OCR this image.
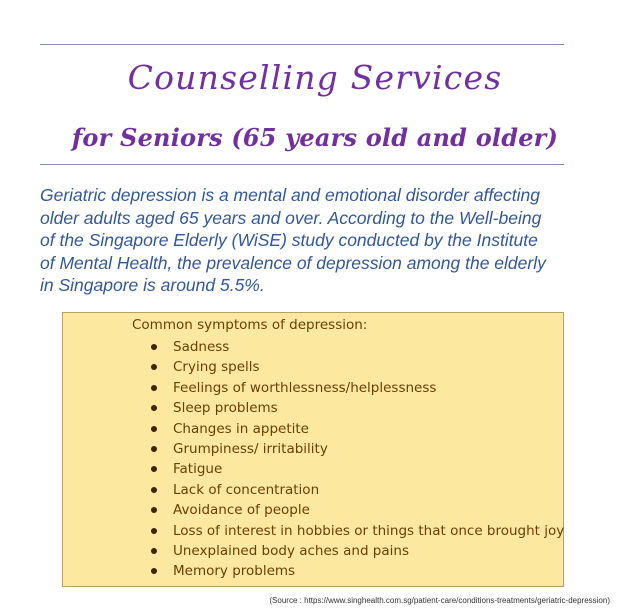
Counselling Services
for Seniors (65 years old and older)
Geriatric depression is a mental and emotional disorder affecting
older adults aged 65 years and over. According to the Well-being
of the Singapore Elderly (WiSE) study conducted by the Institute
of Mental Health, the prevalence of depression among the elderly
in Singapore is around 5.5%.
Common symptoms of depression:
Sadness
Crying spells
Feelings of worthlessness/helplessness
Sleep problems
Changes in appetite
Grumpiness/ irritability
Fatigue
Lack of concentration
Avoidance of people
Loss of interest in hobbies or things that once brought joy
Unexplained body aches and pains
Memory problems
(Source : https://www.singhealth.com.sg/patient-care/conditions-treatments/geriatric-depression)
